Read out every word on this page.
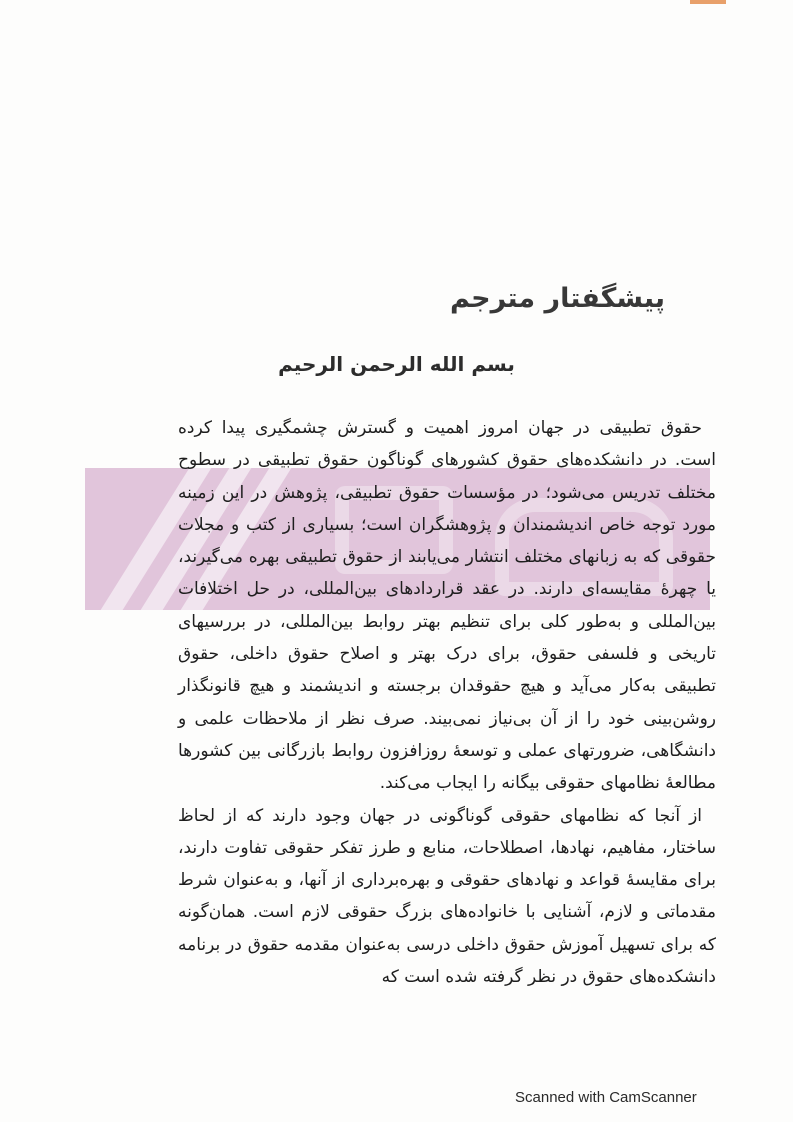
پیشگفتار مترجم
بسم الله الرحمن الرحیم

حقوق تطبیقی در جهان امروز اهمیت و گسترش چشمگیری پیدا کرده است. در دانشکده‌های حقوق کشورهای گوناگون حقوق تطبیقی در سطوح مختلف تدریس می‌شود؛ در مؤسسات حقوق تطبیقی، پژوهش در این زمینه مورد توجه خاص اندیشمندان و پژوهشگران است؛ بسیاری از کتب و مجلات حقوقی که به زبانهای مختلف انتشار می‌یابند از حقوق تطبیقی بهره می‌گیرند، یا چهرهٔ مقایسه‌ای دارند. در عقد قراردادهای بین‌المللی، در حل اختلافات بین‌المللی و به‌طور کلی برای تنظیم بهتر روابط بین‌المللی، در بررسیهای تاریخی و فلسفی حقوق، برای درک بهتر و اصلاح حقوق داخلی، حقوق تطبیقی به‌کار می‌آید و هیچ حقوقدان برجسته و اندیشمند و هیچ قانونگذار روشن‌بینی خود را از آن بی‌نیاز نمی‌بیند. صرف نظر از ملاحظات علمی و دانشگاهی، ضرورتهای عملی و توسعهٔ روزافزون روابط بازرگانی بین کشورها مطالعهٔ نظامهای حقوقی بیگانه را ایجاب می‌کند.

از آنجا که نظامهای حقوقی گوناگونی در جهان وجود دارند که از لحاظ ساختار، مفاهیم، نهادها، اصطلاحات، منابع و طرز تفکر حقوقی تفاوت دارند، برای مقایسهٔ قواعد و نهادهای حقوقی و بهره‌برداری از آنها، و به‌عنوان شرط مقدماتی و لازم، آشنایی با خانواده‌های بزرگ حقوقی لازم است. همان‌گونه که برای تسهیل آموزش حقوق داخلی درسی به‌عنوان مقدمه حقوق در برنامه دانشکده‌های حقوق در نظر گرفته شده است که

Scanned with CamScanner
